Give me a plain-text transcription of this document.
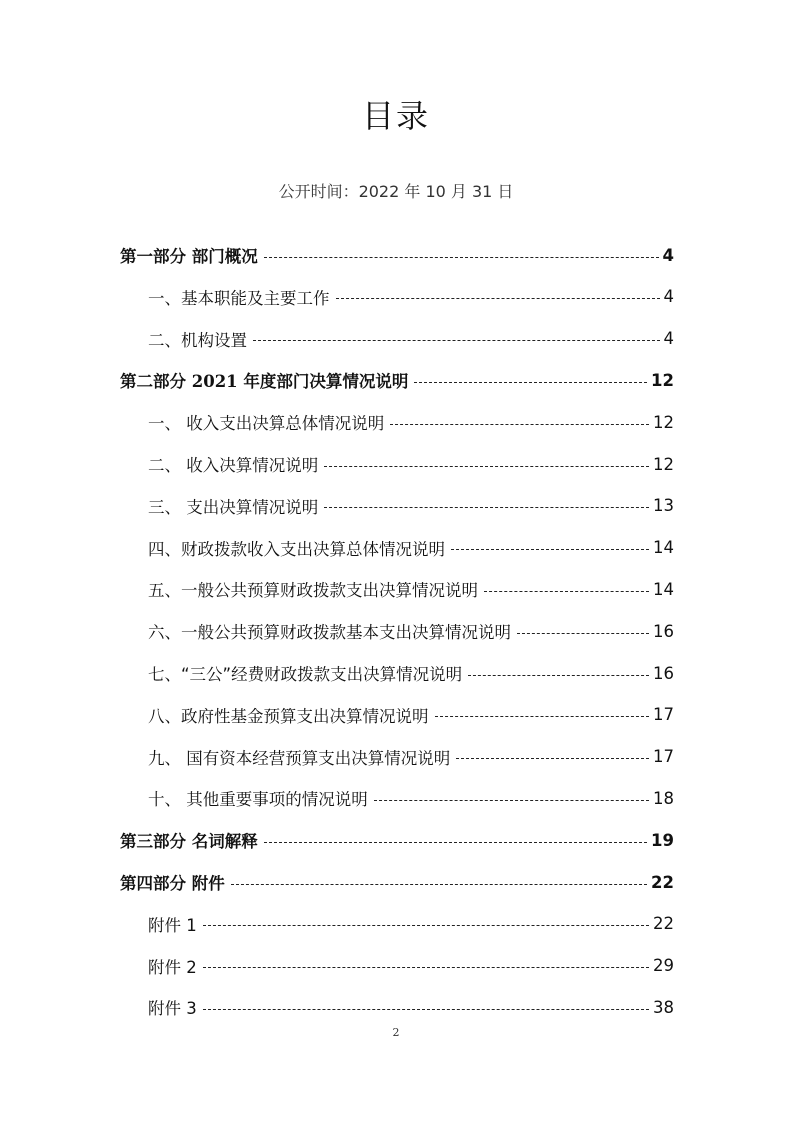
目录
公开时间：2022 年 10 月 31 日
第一部分 部门概况	4
一、基本职能及主要工作	4
二、机构设置	4
第二部分 2021 年度部门决算情况说明	12
一、 收入支出决算总体情况说明	12
二、 收入决算情况说明	12
三、 支出决算情况说明	13
四、财政拨款收入支出决算总体情况说明	14
五、一般公共预算财政拨款支出决算情况说明	14
六、一般公共预算财政拨款基本支出决算情况说明	16
七、“三公”经费财政拨款支出决算情况说明	16
八、政府性基金预算支出决算情况说明	17
九、 国有资本经营预算支出决算情况说明	17
十、 其他重要事项的情况说明	18
第三部分 名词解释	19
第四部分 附件	22
附件 1	22
附件 2	29
附件 3	38
2
